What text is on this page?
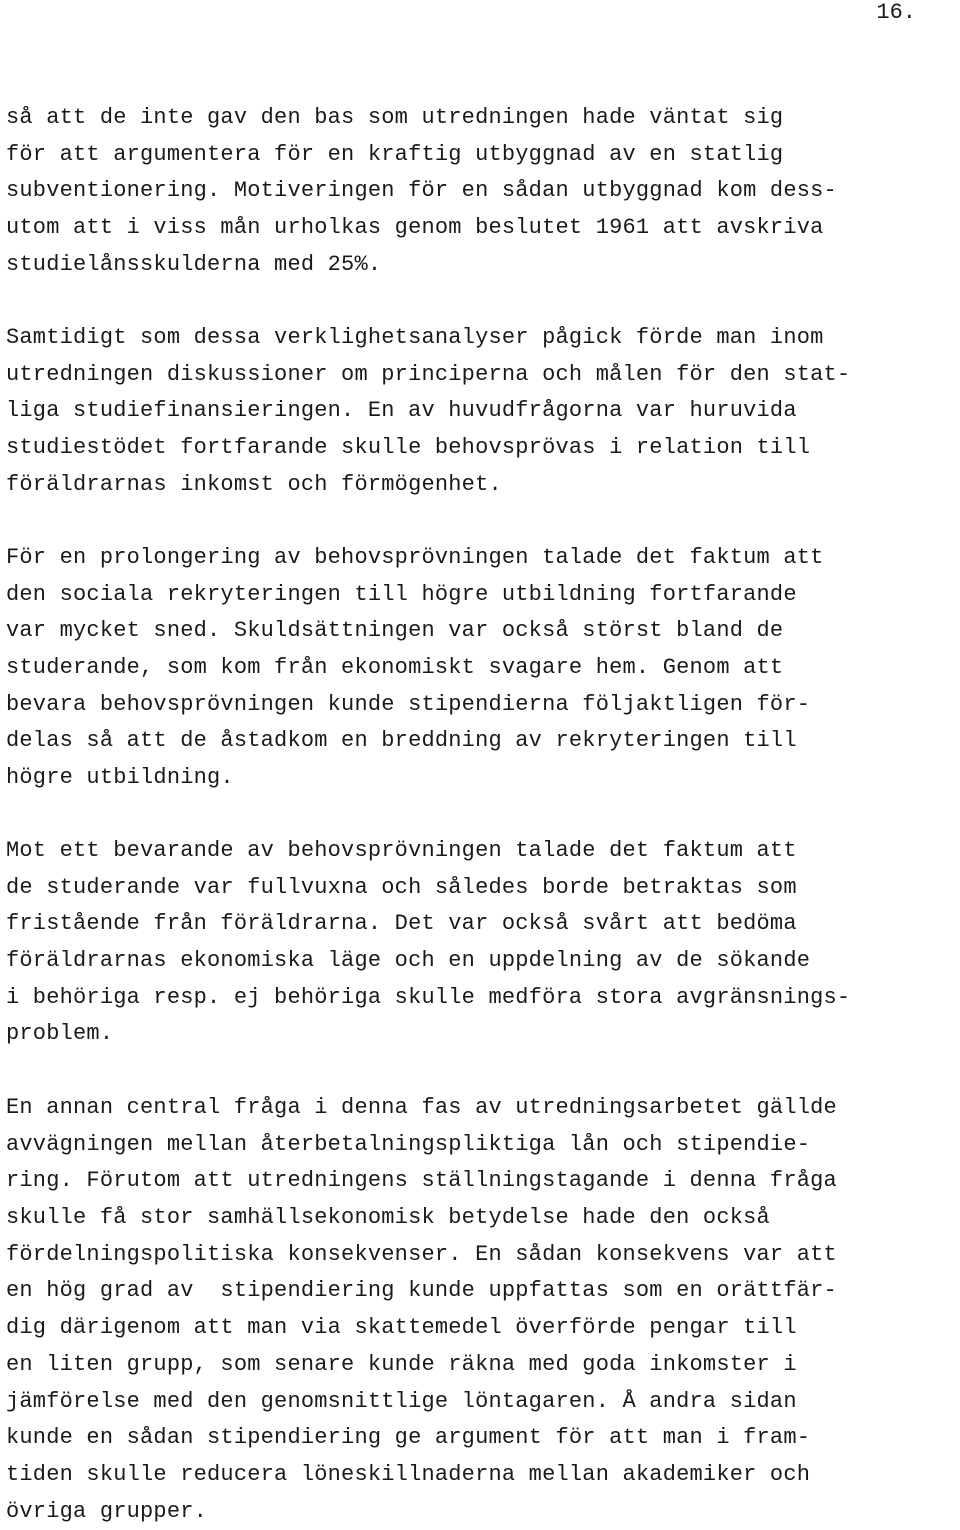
16.
så att de inte gav den bas som utredningen hade väntat sig
för att argumentera för en kraftig utbyggnad av en statlig
subventionering. Motiveringen för en sådan utbyggnad kom dess-
utom att i viss mån urholkas genom beslutet 1961 att avskriva
studielånsskulderna med 25%.
Samtidigt som dessa verklighetsanalyser pågick förde man inom
utredningen diskussioner om principerna och målen för den stat-
liga studiefinansieringen. En av huvudfrågorna var huruvida
studiestödet fortfarande skulle behovsprövas i relation till
föräldrarnas inkomst och förmögenhet.
För en prolongering av behovsprövningen talade det faktum att
den sociala rekryteringen till högre utbildning fortfarande
var mycket sned. Skuldsättningen var också störst bland de
studerande, som kom från ekonomiskt svagare hem. Genom att
bevara behovsprövningen kunde stipendierna följaktligen för-
delas så att de åstadkom en breddning av rekryteringen till
högre utbildning.
Mot ett bevarande av behovsprövningen talade det faktum att
de studerande var fullvuxna och således borde betraktas som
fristående från föräldrarna. Det var också svårt att bedöma
föräldrarnas ekonomiska läge och en uppdelning av de sökande
i behöriga resp. ej behöriga skulle medföra stora avgränsnings-
problem.
En annan central fråga i denna fas av utredningsarbetet gällde
avvägningen mellan återbetalningspliktiga lån och stipendie-
ring. Förutom att utredningens ställningstagande i denna fråga
skulle få stor samhällsekonomisk betydelse hade den också
fördelningspolitiska konsekvenser. En sådan konsekvens var att
en hög grad av  stipendiering kunde uppfattas som en orättfär-
dig därigenom att man via skattemedel överförde pengar till
en liten grupp, som senare kunde räkna med goda inkomster i
jämförelse med den genomsnittlige löntagaren. Å andra sidan
kunde en sådan stipendiering ge argument för att man i fram-
tiden skulle reducera löneskillnaderna mellan akademiker och
övriga grupper.
